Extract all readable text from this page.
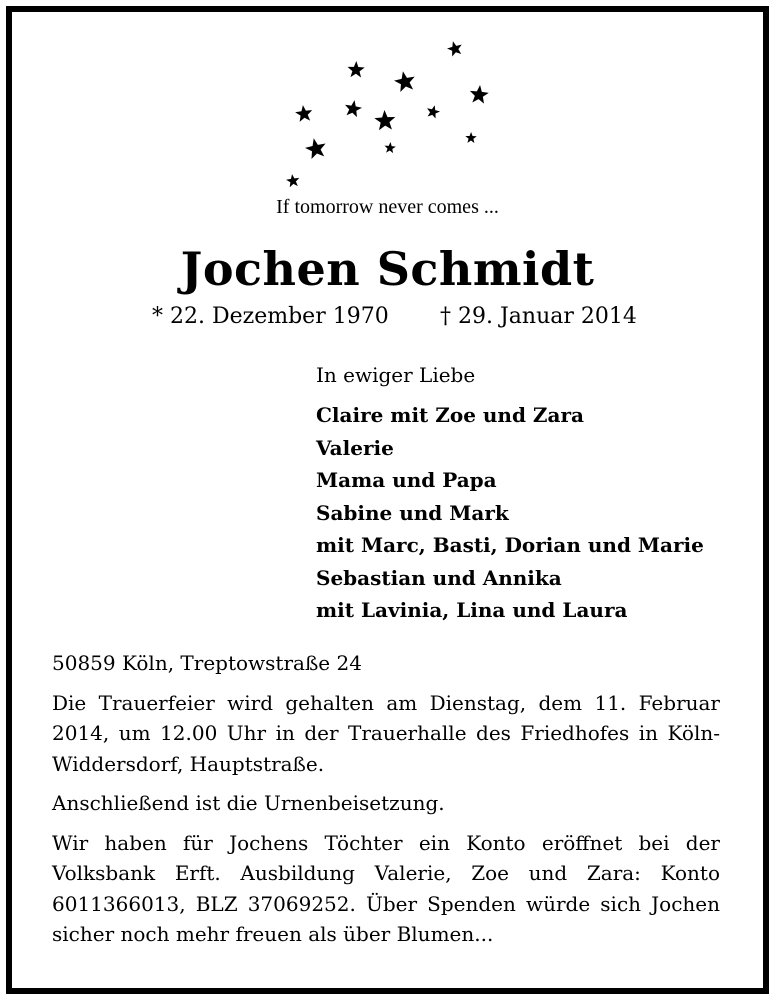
If tomorrow never comes ...
Jochen Schmidt
* 22. Dezember 1970 † 29. Januar 2014
In ewiger Liebe
Claire mit Zoe und Zara
Valerie
Mama und Papa
Sabine und Mark
mit Marc, Basti, Dorian und Marie
Sebastian und Annika
mit Lavinia, Lina und Laura

50859 Köln, Treptowstraße 24

Die Trauerfeier wird gehalten am Dienstag, dem 11. Februar 2014, um 12.00 Uhr in der Trauerhalle des Friedhofes in Köln-Widdersdorf, Hauptstraße.

Anschließend ist die Urnenbeisetzung.

Wir haben für Jochens Töchter ein Konto eröffnet bei der Volksbank Erft. Ausbildung Valerie, Zoe und Zara: Konto 6011366013, BLZ 37069252. Über Spenden würde sich Jochen sicher noch mehr freuen als über Blumen...
